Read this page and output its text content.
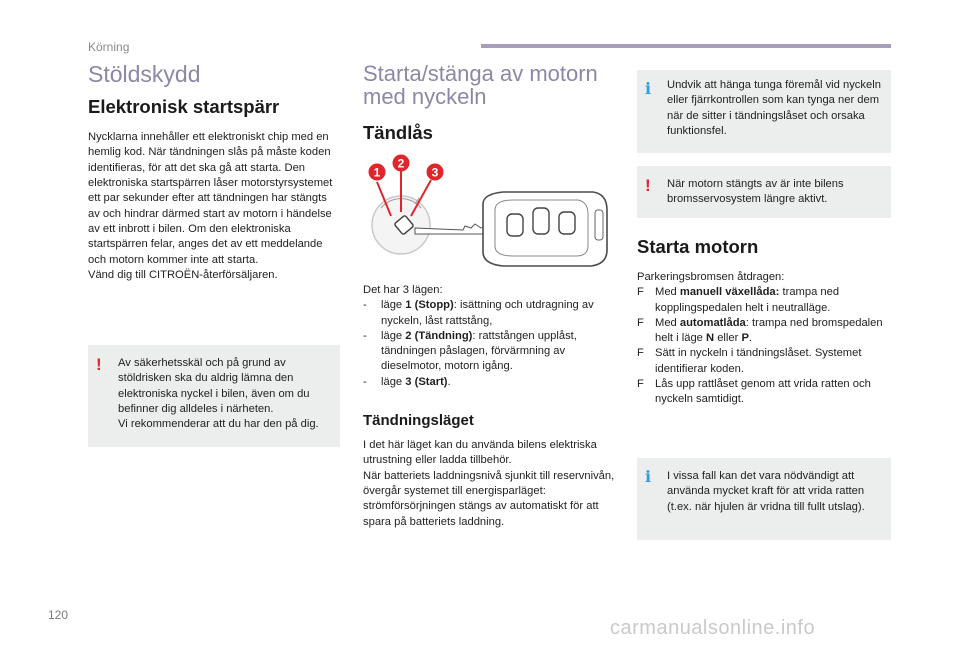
Körning
Stöldskydd
Elektronisk startspärr
Nycklarna innehåller ett elektroniskt chip med en hemlig kod. När tändningen slås på måste koden identifieras, för att det ska gå att starta. Den elektroniska startspärren låser motorstyrsystemet ett par sekunder efter att tändningen har stängts av och hindrar därmed start av motorn i händelse av ett inbrott i bilen. Om den elektroniska startspärren felar, anges det av ett meddelande och motorn kommer inte att starta.
Vänd dig till CITROËN-återförsäljaren.
! Av säkerhetsskäl och på grund av stöldrisken ska du aldrig lämna den elektroniska nyckel i bilen, även om du befinner dig alldeles i närheten.
Vi rekommenderar att du har den på dig.
Starta/stänga av motorn med nyckeln
Tändlås
1
2
3
Det har 3 lägen:
- läge 1 (Stopp): isättning och utdragning av nyckeln, låst rattstång,
- läge 2 (Tändning): rattstången upplåst, tändningen påslagen, förvärmning av dieselmotor, motorn igång.
- läge 3 (Start).
Tändningsläget
I det här läget kan du använda bilens elektriska utrustning eller ladda tillbehör.
När batteriets laddningsnivå sjunkit till reservnivån, övergår systemet till energisparläget: strömförsörjningen stängs av automatiskt för att spara på batteriets laddning.
i Undvik att hänga tunga föremål vid nyckeln eller fjärrkontrollen som kan tynga ner dem när de sitter i tändningslåset och orsaka funktionsfel.
! När motorn stängts av är inte bilens bromsservosystem längre aktivt.
Starta motorn
Parkeringsbromsen åtdragen:
F Med manuell växellåda: trampa ned kopplingspedalen helt i neutralläge.
F Med automatlåda: trampa ned bromspedalen helt i läge N eller P.
F Sätt in nyckeln i tändningslåset. Systemet identifierar koden.
F Lås upp rattlåset genom att vrida ratten och nyckeln samtidigt.
i I vissa fall kan det vara nödvändigt att använda mycket kraft för att vrida ratten (t.ex. när hjulen är vridna till fullt utslag).
120
carmanualsonline.info
